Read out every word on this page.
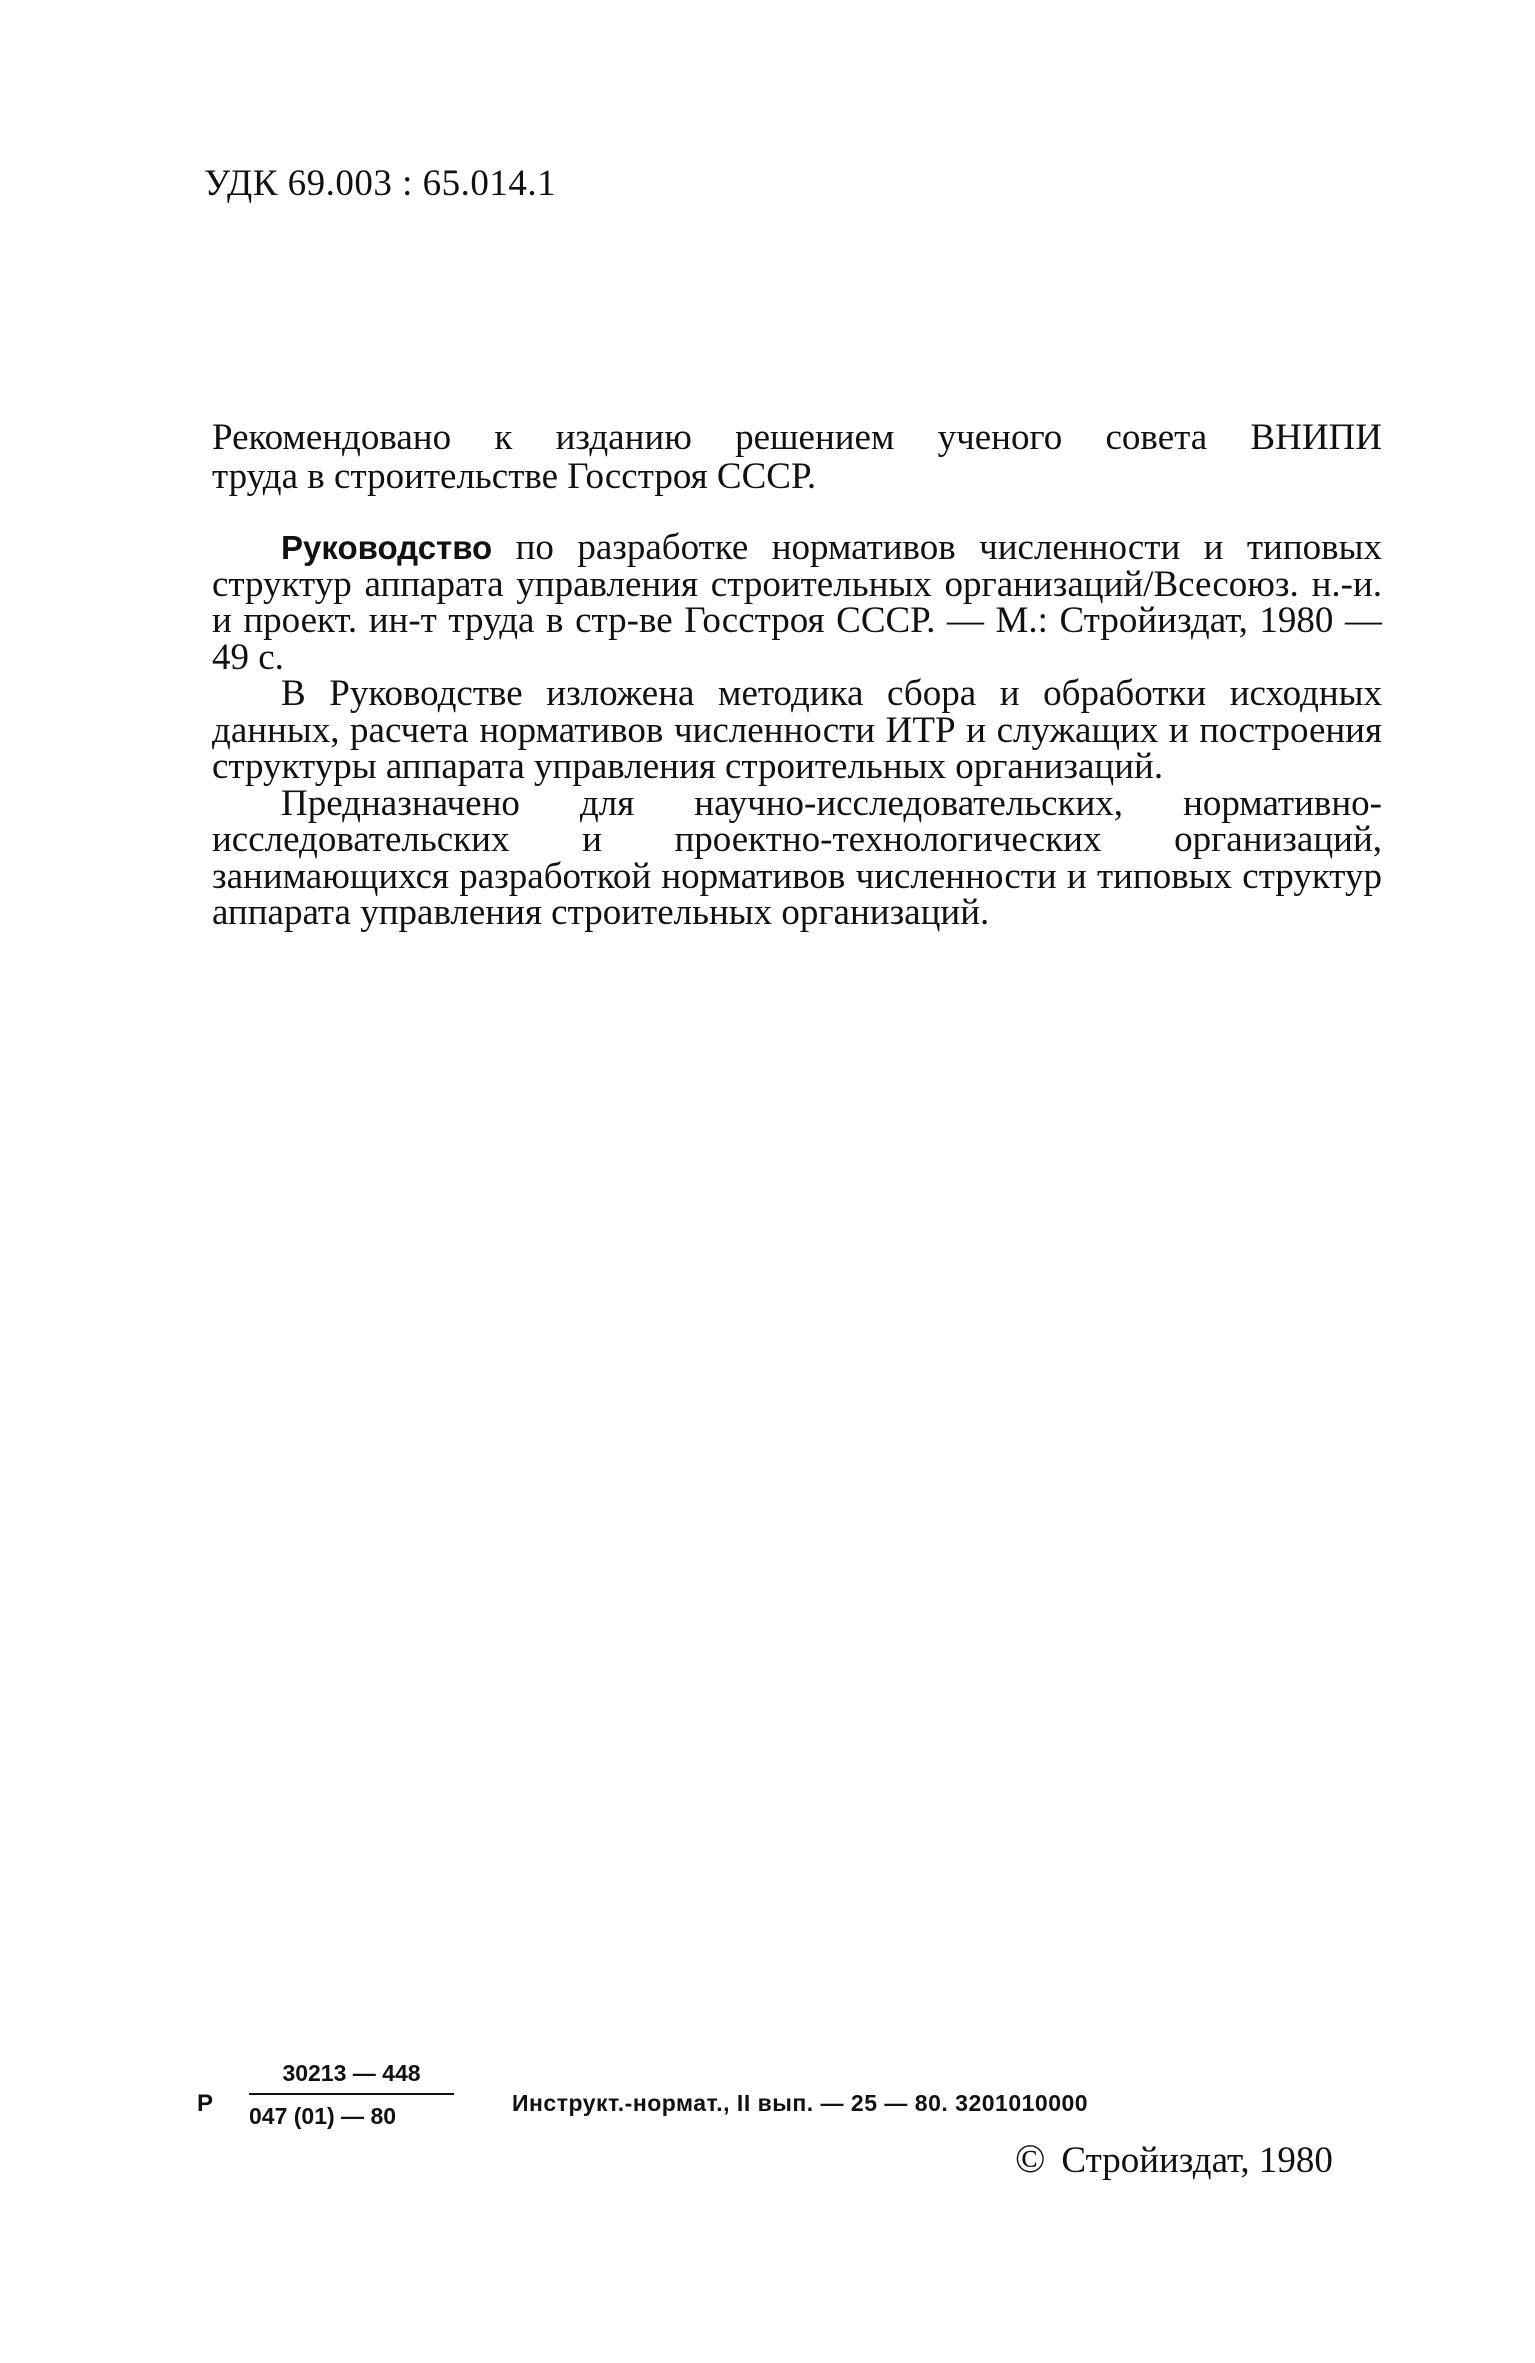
УДК 69.003 : 65.014.1
Рекомендовано к изданию решением ученого совета ВНИПИ
труда в строительстве Госстроя СССР.

Руководство по разработке нормативов численности и типовых структур аппарата управления строительных организаций/Всесоюз. н.-и. и проект. ин-т труда в стр-ве Госстроя СССР. — М.: Стройиздат, 1980 — 49 с.

В Руководстве изложена методика сбора и обработки исходных данных, расчета нормативов численности ИТР и служащих и построения структуры аппарата управления строительных организаций.

Предназначено для научно-исследовательских, нормативно-исследовательских и проектно-технологических организаций, занимающихся разработкой нормативов численности и типовых структур аппарата управления строительных организаций.

Р $\frac{30213 — 448}{047 (01) — 80}$	Инструкт.-нормат., II вып. — 25 — 80. 3201010000
© Стройиздат, 1980
